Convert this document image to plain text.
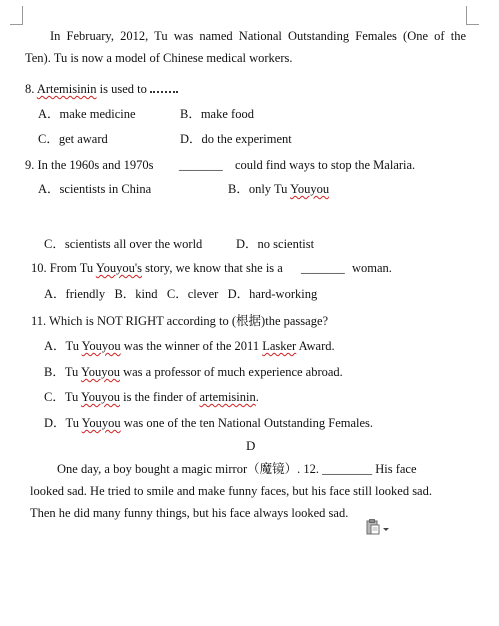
In February, 2012, Tu was named National Outstanding Females (One of the
Ten). Tu is now a model of Chinese medical workers.
8. Artemisinin is used to
A．make medicine	B．make food
C．get award	D．do the experiment
9. In the 1960s and 1970s _______ could find ways to stop the Malaria.
A．scientists in China	B．only Tu Youyou
C．scientists all over the world	D．no scientist
10. From Tu Youyou's story, we know that she is a _______ woman.
A．friendly   B．kind   C．clever   D．hard-working
11. Which is NOT RIGHT according to (根据)the passage?
A．Tu Youyou was the winner of the 2011 Lasker Award.
B．Tu Youyou was a professor of much experience abroad.
C．Tu Youyou is the finder of artemisinin.
D．Tu Youyou was one of the ten National Outstanding Females.
D
One day, a boy bought a magic mirror（魔镜）. 12. ________ His face
looked sad. He tried to smile and make funny faces, but his face still looked sad.
Then he did many funny things, but his face always looked sad.
